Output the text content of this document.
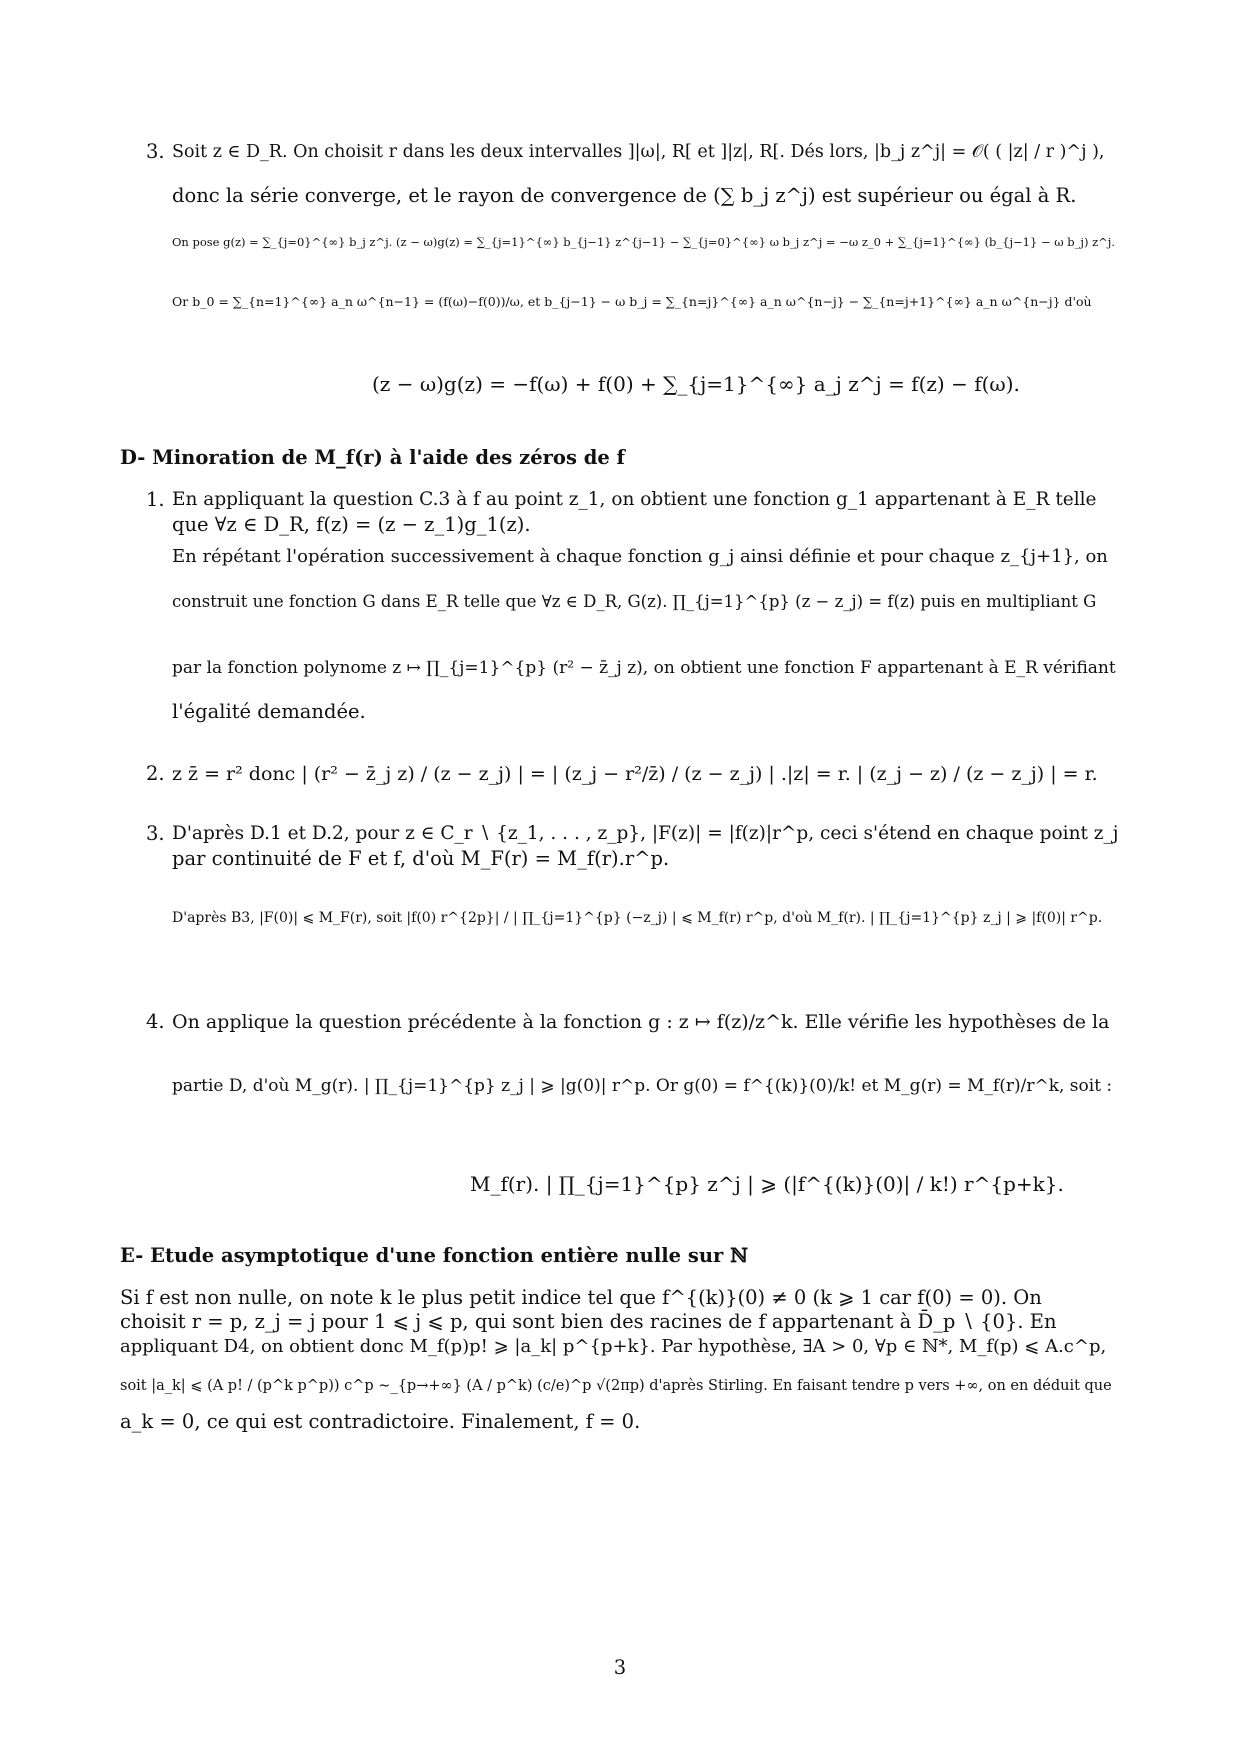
3. Soit z ∈ D_R. On choisit r dans les deux intervalles ]|ω|, R[ et ]|z|, R[. Dés lors, |b_j z^j| = 𝒪( ( |z| / r )^j ),
donc la série converge, et le rayon de convergence de (∑ b_j z^j) est supérieur ou égal à R.
On pose g(z) = ∑_{j=0}^{∞} b_j z^j. (z − ω)g(z) = ∑_{j=1}^{∞} b_{j−1} z^{j−1} − ∑_{j=0}^{∞} ω b_j z^j = −ω z_0 + ∑_{j=1}^{∞} (b_{j−1} − ω b_j) z^j.
Or b_0 = ∑_{n=1}^{∞} a_n ω^{n−1} = (f(ω)−f(0))/ω, et b_{j−1} − ω b_j = ∑_{n=j}^{∞} a_n ω^{n−j} − ∑_{n=j+1}^{∞} a_n ω^{n−j} d'où
(z − ω)g(z) = −f(ω) + f(0) + ∑_{j=1}^{∞} a_j z^j = f(z) − f(ω).
D- Minoration de M_f(r) à l'aide des zéros de f
1. En appliquant la question C.3 à f au point z_1, on obtient une fonction g_1 appartenant à E_R telle
que ∀z ∈ D_R, f(z) = (z − z_1)g_1(z).
En répétant l'opération successivement à chaque fonction g_j ainsi définie et pour chaque z_{j+1}, on
construit une fonction G dans E_R telle que ∀z ∈ D_R, G(z). ∏_{j=1}^{p} (z − z_j) = f(z) puis en multipliant G
par la fonction polynome z ↦ ∏_{j=1}^{p} (r² − z̄_j z), on obtient une fonction F appartenant à E_R vérifiant
l'égalité demandée.
2. z z̄ = r² donc | (r² − z̄_j z) / (z − z_j) | = | (z_j − r²/z̄) / (z − z_j) | .|z| = r. | (z_j − z) / (z − z_j) | = r.
3. D'après D.1 et D.2, pour z ∈ C_r ∖ {z_1, . . . , z_p}, |F(z)| = |f(z)|r^p, ceci s'étend en chaque point z_j
par continuité de F et f, d'où M_F(r) = M_f(r).r^p.
D'après B3, |F(0)| ⩽ M_F(r), soit |f(0) r^{2p}| / | ∏_{j=1}^{p} (−z_j) | ⩽ M_f(r) r^p, d'où M_f(r). | ∏_{j=1}^{p} z_j | ⩾ |f(0)| r^p.
4. On applique la question précédente à la fonction g : z ↦ f(z)/z^k. Elle vérifie les hypothèses de la
partie D, d'où M_g(r). | ∏_{j=1}^{p} z_j | ⩾ |g(0)| r^p. Or g(0) = f^{(k)}(0)/k! et M_g(r) = M_f(r)/r^k, soit :
M_f(r). | ∏_{j=1}^{p} z^j | ⩾ (|f^{(k)}(0)| / k!) r^{p+k}.
E- Etude asymptotique d'une fonction entière nulle sur ℕ
Si f est non nulle, on note k le plus petit indice tel que f^{(k)}(0) ≠ 0 (k ⩾ 1 car f(0) = 0). On
choisit r = p, z_j = j pour 1 ⩽ j ⩽ p, qui sont bien des racines de f appartenant à D̄_p ∖ {0}. En
appliquant D4, on obtient donc M_f(p)p! ⩾ |a_k| p^{p+k}. Par hypothèse, ∃A > 0, ∀p ∈ ℕ*, M_f(p) ⩽ A.c^p,
soit |a_k| ⩽ (A p! / (p^k p^p)) c^p ∼_{p→+∞} (A / p^k) (c/e)^p √(2πp) d'après Stirling. En faisant tendre p vers +∞, on en déduit que
a_k = 0, ce qui est contradictoire. Finalement, f = 0.
3
